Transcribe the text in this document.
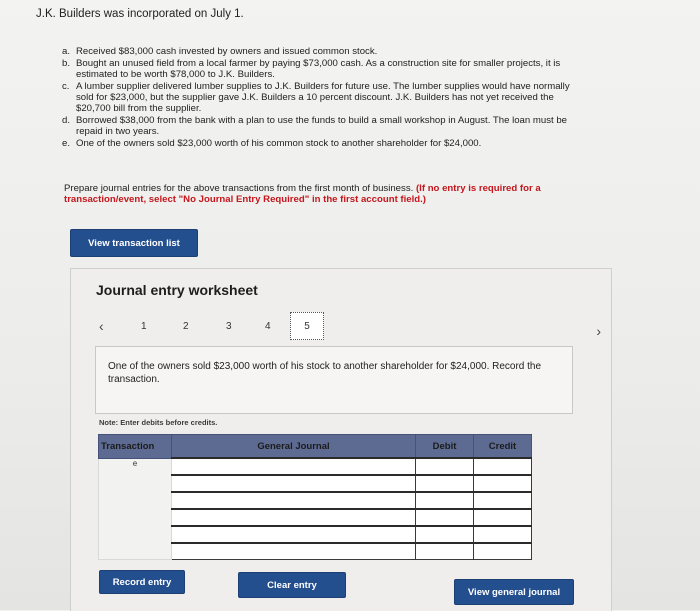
J.K. Builders was incorporated on July 1.
a. Received $83,000 cash invested by owners and issued common stock.
b. Bought an unused field from a local farmer by paying $73,000 cash. As a construction site for smaller projects, it is estimated to be worth $78,000 to J.K. Builders.
c. A lumber supplier delivered lumber supplies to J.K. Builders for future use. The lumber supplies would have normally sold for $23,000, but the supplier gave J.K. Builders a 10 percent discount. J.K. Builders has not yet received the $20,700 bill from the supplier.
d. Borrowed $38,000 from the bank with a plan to use the funds to build a small workshop in August. The loan must be repaid in two years.
e. One of the owners sold $23,000 worth of his common stock to another shareholder for $24,000.
Prepare journal entries for the above transactions from the first month of business. (If no entry is required for a transaction/event, select "No Journal Entry Required" in the first account field.)
View transaction list
Journal entry worksheet
‹	1	2	3	4	5	›
One of the owners sold $23,000 worth of his stock to another shareholder for $24,000. Record the transaction.
Note: Enter debits before credits.
Transaction	General Journal	Debit	Credit
e			

Record entry	Clear entry
View general journal
